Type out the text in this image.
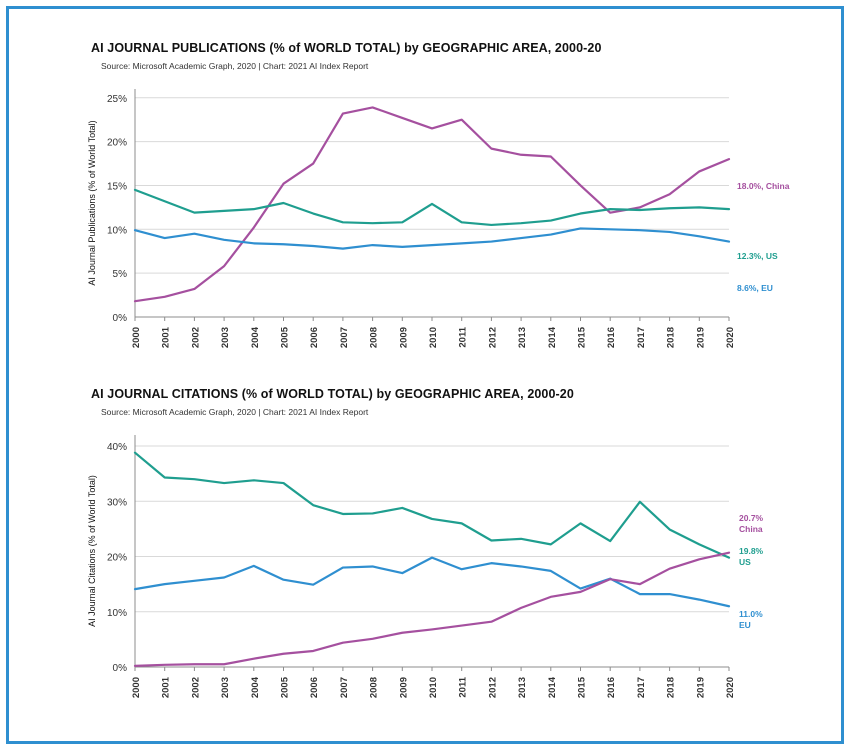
AI JOURNAL PUBLICATIONS (% of WORLD TOTAL) by GEOGRAPHIC AREA, 2000-20
Source: Microsoft Academic Graph, 2020 | Chart: 2021 AI Index Report
0%
5%
10%
15%
20%
25%
AI Journal Publications (% of World Total)
2000 2001 2002 2003 2004 2005 2006 2007 2008 2009 2010 2011 2012 2013 2014 2015 2016 2017 2018 2019 2020
18.0%, China
12.3%, US
8.6%, EU
AI JOURNAL CITATIONS (% of WORLD TOTAL) by GEOGRAPHIC AREA, 2000-20
Source: Microsoft Academic Graph, 2020 | Chart: 2021 AI Index Report
0%
10%
20%
30%
40%
AI Journal Citations (% of World Total)
2000 2001 2002 2003 2004 2005 2006 2007 2008 2009 2010 2011 2012 2013 2014 2015 2016 2017 2018 2019 2020
20.7%
China
19.8%
US
11.0%
EU
